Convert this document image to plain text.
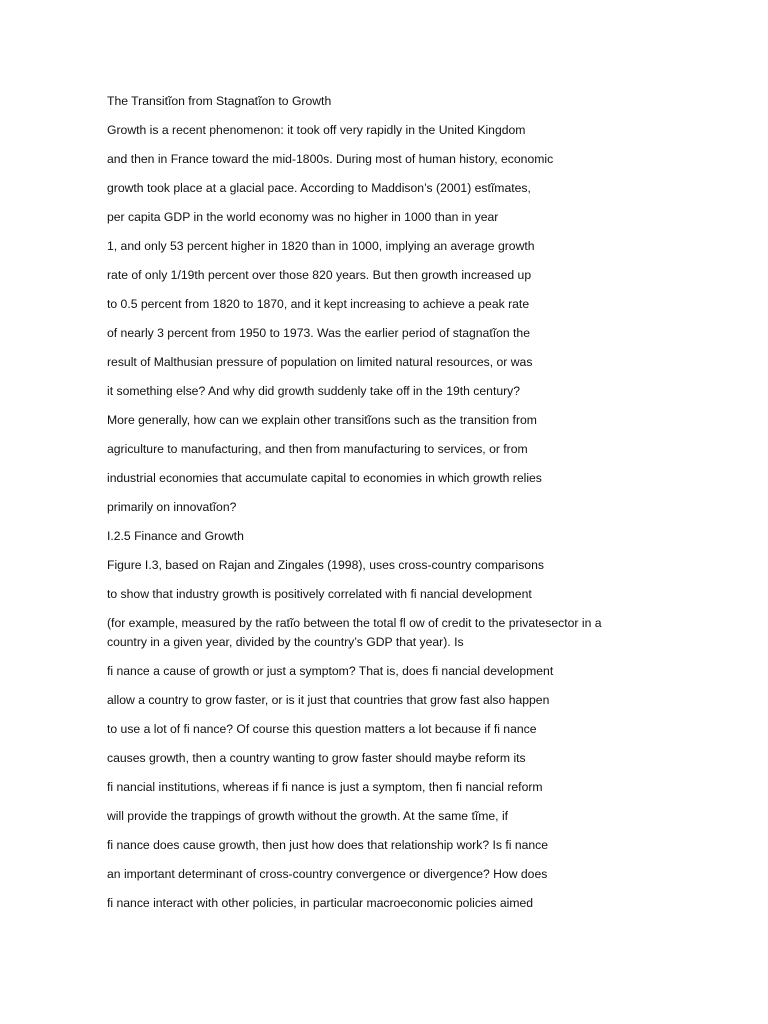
The Transitĩon from Stagnatĩon to Growth

Growth is a recent phenomenon: it took off very rapidly in the United Kingdom

and then in France toward the mid-1800s. During most of human history, economic

growth took place at a glacial pace. According to Maddison’s (2001) estĩmates,

per capita GDP in the world economy was no higher in 1000 than in year

1, and only 53 percent higher in 1820 than in 1000, implying an average growth

rate of only 1/19th percent over those 820 years. But then growth increased up

to 0.5 percent from 1820 to 1870, and it kept increasing to achieve a peak rate

of nearly 3 percent from 1950 to 1973. Was the earlier period of stagnatĩon the

result of Malthusian pressure of population on limited natural resources, or was

it something else? And why did growth suddenly take off in the 19th century?

More generally, how can we explain other transitĩons such as the transition from

agriculture to manufacturing, and then from manufacturing to services, or from

industrial economies that accumulate capital to economies in which growth relies

primarily on innovatĩon?

I.2.5 Finance and Growth

Figure I.3, based on Rajan and Zingales (1998), uses cross-country comparisons

to show that industry growth is positively correlated with fi nancial development

(for example, measured by the ratĩo between the total fl ow of credit to the privatesector in a

country in a given year, divided by the country’s GDP that year). Is

fi nance a cause of growth or just a symptom? That is, does fi nancial development

allow a country to grow faster, or is it just that countries that grow fast also happen

to use a lot of fi nance? Of course this question matters a lot because if fi nance

causes growth, then a country wanting to grow faster should maybe reform its

fi nancial institutions, whereas if fi nance is just a symptom, then fi nancial reform

will provide the trappings of growth without the growth. At the same tĩme, if

fi nance does cause growth, then just how does that relationship work? Is fi nance

an important determinant of cross-country convergence or divergence? How does

fi nance interact with other policies, in particular macroeconomic policies aimed
